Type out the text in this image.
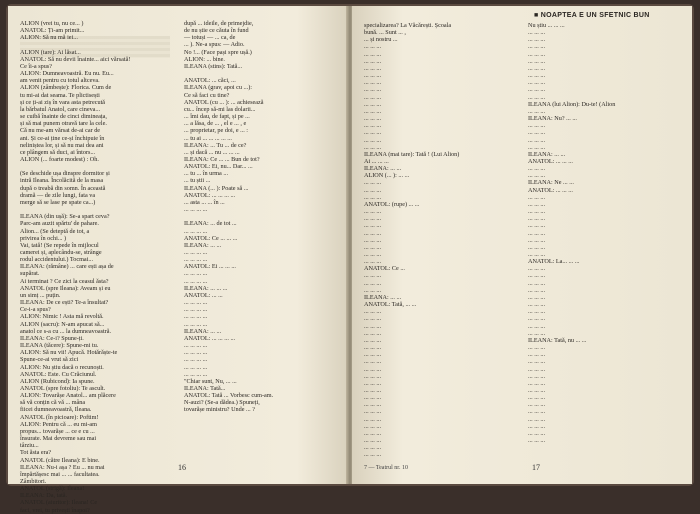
ALION (vrei tu, nu ce... )
ANATOL: Ți-am primit...
ALION: Să nu mă iei...

ALION (tare): Ai lăsat...
ANATOL: Să nu devii înainte... aici vărsată!
Ce îi-a spus?
ALION: Dumneavoastră. Eu nu. Eu...
am venit pentru cu totul altceva.
ALION (zâmbește): Florica. Cum de
tu mi-ai dat seama. Te plictisești
și ce ți-ai ziș în vara asta petrecută
la bărbatul Anatol, care cineva...
se cuibă înainte de cinci dimineața,
și să mai punem otravă tare la cele.
Că nu me-am vărsat de-ai car de
ani. Și ce-ai ține ce-și închipuie în
neliniștea lor, și să nu mai dea ani
ce plângem să duci, ai întors...
ALION (... foarte modest) : Oh.

(Se deschide ușa dinspre dormitor și
intră Ileana. Încolăcită de la masa
după o treabă din somn. În această
dramă — de zile lungi, fata va
merge să se lase pe spate ca...)

ILEANA (din ușă): Se-a spart ceva?
Parc-am auzit spărtu' de pahare.
Alion... (Se deteptă de tot, a
privirea în ochi... )
Vai, tată! (Se repede în mijlocul
camerei și, aplecându-se, strânge
rodul accidentului.) Tocmai...
ILEANA: (rămâne) ... care ești așa de
supărat.
Ai terminat ? Ce zici la ceasul ăsta?
ANATOL (spre Ileana): Aveam și eu
un simț ... puțin.
ILEANA: De ce ești? Te-a însultat?
Ce-i-a spus?
ALION: Nimic ! Asta mă revoltă.
ALION (sacru): N-am apucat să...
anatol ce s-a cu ... la dumneavoastră.
ILEANA: Ce-i? Spune-ți.
ILEANA (tăcere): Spune-mi tu.
ALION: Să nu vii! Apucă. Hotărăște-te
Spune-ce-ai vrut să zici
ALION: Nu știu dacă o recunoști.
ANATOL: Este. Cu Crăciunul.
ALION (Rubicond): Ia spune.
ANATOL (spre fotoliu): Te ascult.
ALION: Tovarășe Anatol... am plăcere
să vă conțin că vă ... mâna
fiicei dumneavoastră, Ileana.
ANATOL (în picioare): Poftim!
ALION: Pentru că ... eu mi-am
propus... tovarășe ... ce e cu ...
însurate. Mai devreme sau mai
târziu...
Tot ăsta era?
ANATOL (către Ileana): E bine.
ILEANA: Nu-i așa ? Eu ... nu mai
împărtășesc mai ... ... facultatea.
Zâmbitori.
ANATOL (strigă): Ileana!
ILEANA: Da, tată.
ANATOL (aiuritor): Ileana! Ce
faci, vrei, tu privești înapoi?
după ... ideile, de primejdie,
de nu știe ce căuta în fund
— totuși — ... ca, de
... ). Ne-a spus: — Adio.
No !... (Face pași spre ușă.)
ALION: ... bine.
ILEANA (stins): Tată...

ANATOL: ... căci, ...
ILEANA (grav, apoi cu ...):
Ce să faci cu tine?
ANATOL (cu ... ): ... achiesează
cu... încep să-mi las dolarii...
... îmi dau, de fapt, și pe ...
... a lăsa, de ... , el e ... , e
... proprietar, pe doi, e ... :
... tu ai ... ... ... ... ...
ILEANA: ... Tu ... de ce?
... și dacă ... nu ... ... ...
ILEANA: Ce ... ... Bun de tot?
ANATOL: Ei, nu... Dar... ...
... tu ... în urma ...
... tu știi ...
ILEANA (... ): Poate să ...
ANATOL: ... ... ... ...
... asta ... ... în ...
... ... ... ...

ILEANA: ... de tot ...
... ... ... ...
ANATOL: Ce ... ... ...
ILEANA: ... ...
... ... ... ...
... ... ... ...
ANATOL: Ei ... ... ...
... ... ... ...
... ... ... ...
ILEANA: ... ... ...
ANATOL: ... ...
... ... ... ...
... ... ... ...
... ... ... ...
... ... ... ...
ILEANA: ... ...
ANATOL: ... ... ... ...
... ... ... ...
... ... ... ...
... ... ... ...
... ... ... ...
... ... ... ...
"Chiar sunt, Nu, ... ...
ILEANA: Tată...
ANATOL: Tată ... Vorbesc cum-am.
N-auzi? (Se-a dădea.) Spuneți,
tovarășe ministru? Unde ... ?
16
■ NOAPTEA E UN SFETNIC BUN
specializarea? La Văcărești. Școala
bună. ... Sunt ... ,
... și nostru ...
... ... ...
... ... ...
... ... ...
... ... ...
... ... ...
... ... ...
... ... ...
... ... ...
... ... ...
... ... ...
... ... ...
... ... ...
... ... ...
... ... ...
... ... ...
ILEANA (mai tare): Tată ! (Lui Alion)
Ai ... ... ...
ILEANA: ... ...
ALION (... ): ... ...
... ... ...
... ... ...
... ... ...
ANATOL: (rupe) ... ...
... ... ...
... ... ...
... ... ...
... ... ...
... ... ...
... ... ...
... ... ...
... ... ...
ANATOL: Ce ...
... ... ...
... ... ...
... ... ...
ILEANA: ... ...
ANATOL: Tată, ... ...
... ... ...
... ... ...
... ... ...
... ... ...
... ... ...
... ... ...
... ... ...
... ... ...
... ... ...
... ... ...
... ... ...
... ... ...
... ... ...
... ... ...
... ... ...
... ... ...
... ... ...
... ... ...
... ... ...
... ... ...
... ... ...
Nu știu ... ... ...
... ... ...
... ... ...
... ... ...
... ... ...
... ... ...
... ... ...
... ... ...
... ... ...
... ... ...
... ... ...
ILEANA (lui Alion): Du-te! (Alion
... ... ...
ILEANA: Nu? ... ...
... ... ...
... ... ...
... ... ...
... ... ...
ILEANA: ... ...
ANATOL: ... ... ...
... ... ...
... ... ...
ILEANA: Ne ... ...
ANATOL: ... ... ...
... ... ...
... ... ...
... ... ...
... ... ...
... ... ...
... ... ...
... ... ...
... ... ...
... ... ...
ANATOL: La... ... ...
... ... ...
... ... ...
... ... ...
... ... ...
... ... ...
... ... ...
... ... ...
... ... ...
... ... ...
... ... ...
ILEANA: Tată, nu ... ...
... ... ...
... ... ...
... ... ...
... ... ...
... ... ...
... ... ...
... ... ...
... ... ...
... ... ...
... ... ...
... ... ...
... ... ...
... ... ...
... ... ...
7 — Teatrul nr. 10	17
